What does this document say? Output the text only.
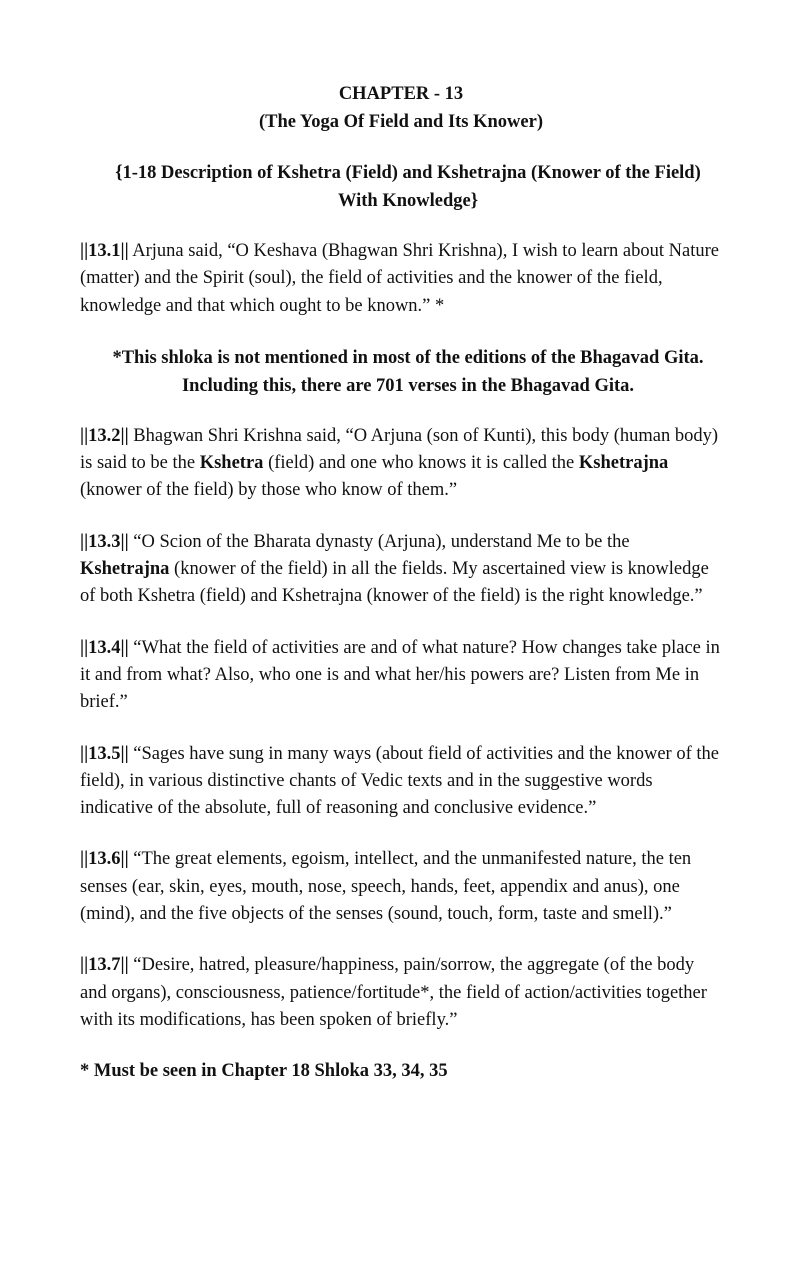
CHAPTER - 13

(The Yoga Of Field and Its Knower)

{1-18 Description of Kshetra (Field) and Kshetrajna (Knower of the Field)
With Knowledge}

||13.1|| Arjuna said, “O Keshava (Bhagwan Shri Krishna), I wish to learn about Nature (matter) and the Spirit (soul), the field of activities and the knower of the field, knowledge and that which ought to be known.” *

*This shloka is not mentioned in most of the editions of the Bhagavad Gita.
Including this, there are 701 verses in the Bhagavad Gita.

||13.2|| Bhagwan Shri Krishna said, “O Arjuna (son of Kunti), this body (human body) is said to be the Kshetra (field) and one who knows it is called the Kshetrajna (knower of the field) by those who know of them.”

||13.3|| “O Scion of the Bharata dynasty (Arjuna), understand Me to be the Kshetrajna (knower of the field) in all the fields. My ascertained view is knowledge of both Kshetra (field) and Kshetrajna (knower of the field) is the right knowledge.”

||13.4|| “What the field of activities are and of what nature? How changes take place in it and from what? Also, who one is and what her/his powers are? Listen from Me in brief.”

||13.5|| “Sages have sung in many ways (about field of activities and the knower of the field), in various distinctive chants of Vedic texts and in the suggestive words indicative of the absolute, full of reasoning and conclusive evidence.”

||13.6|| “The great elements, egoism, intellect, and the unmanifested nature, the ten senses (ear, skin, eyes, mouth, nose, speech, hands, feet, appendix and anus), one (mind), and the five objects of the senses (sound, touch, form, taste and smell).”

||13.7|| “Desire, hatred, pleasure/happiness, pain/sorrow, the aggregate (of the body and organs), consciousness, patience/fortitude*, the field of action/activities together with its modifications, has been spoken of briefly.”

* Must be seen in Chapter 18 Shloka 33, 34, 35
